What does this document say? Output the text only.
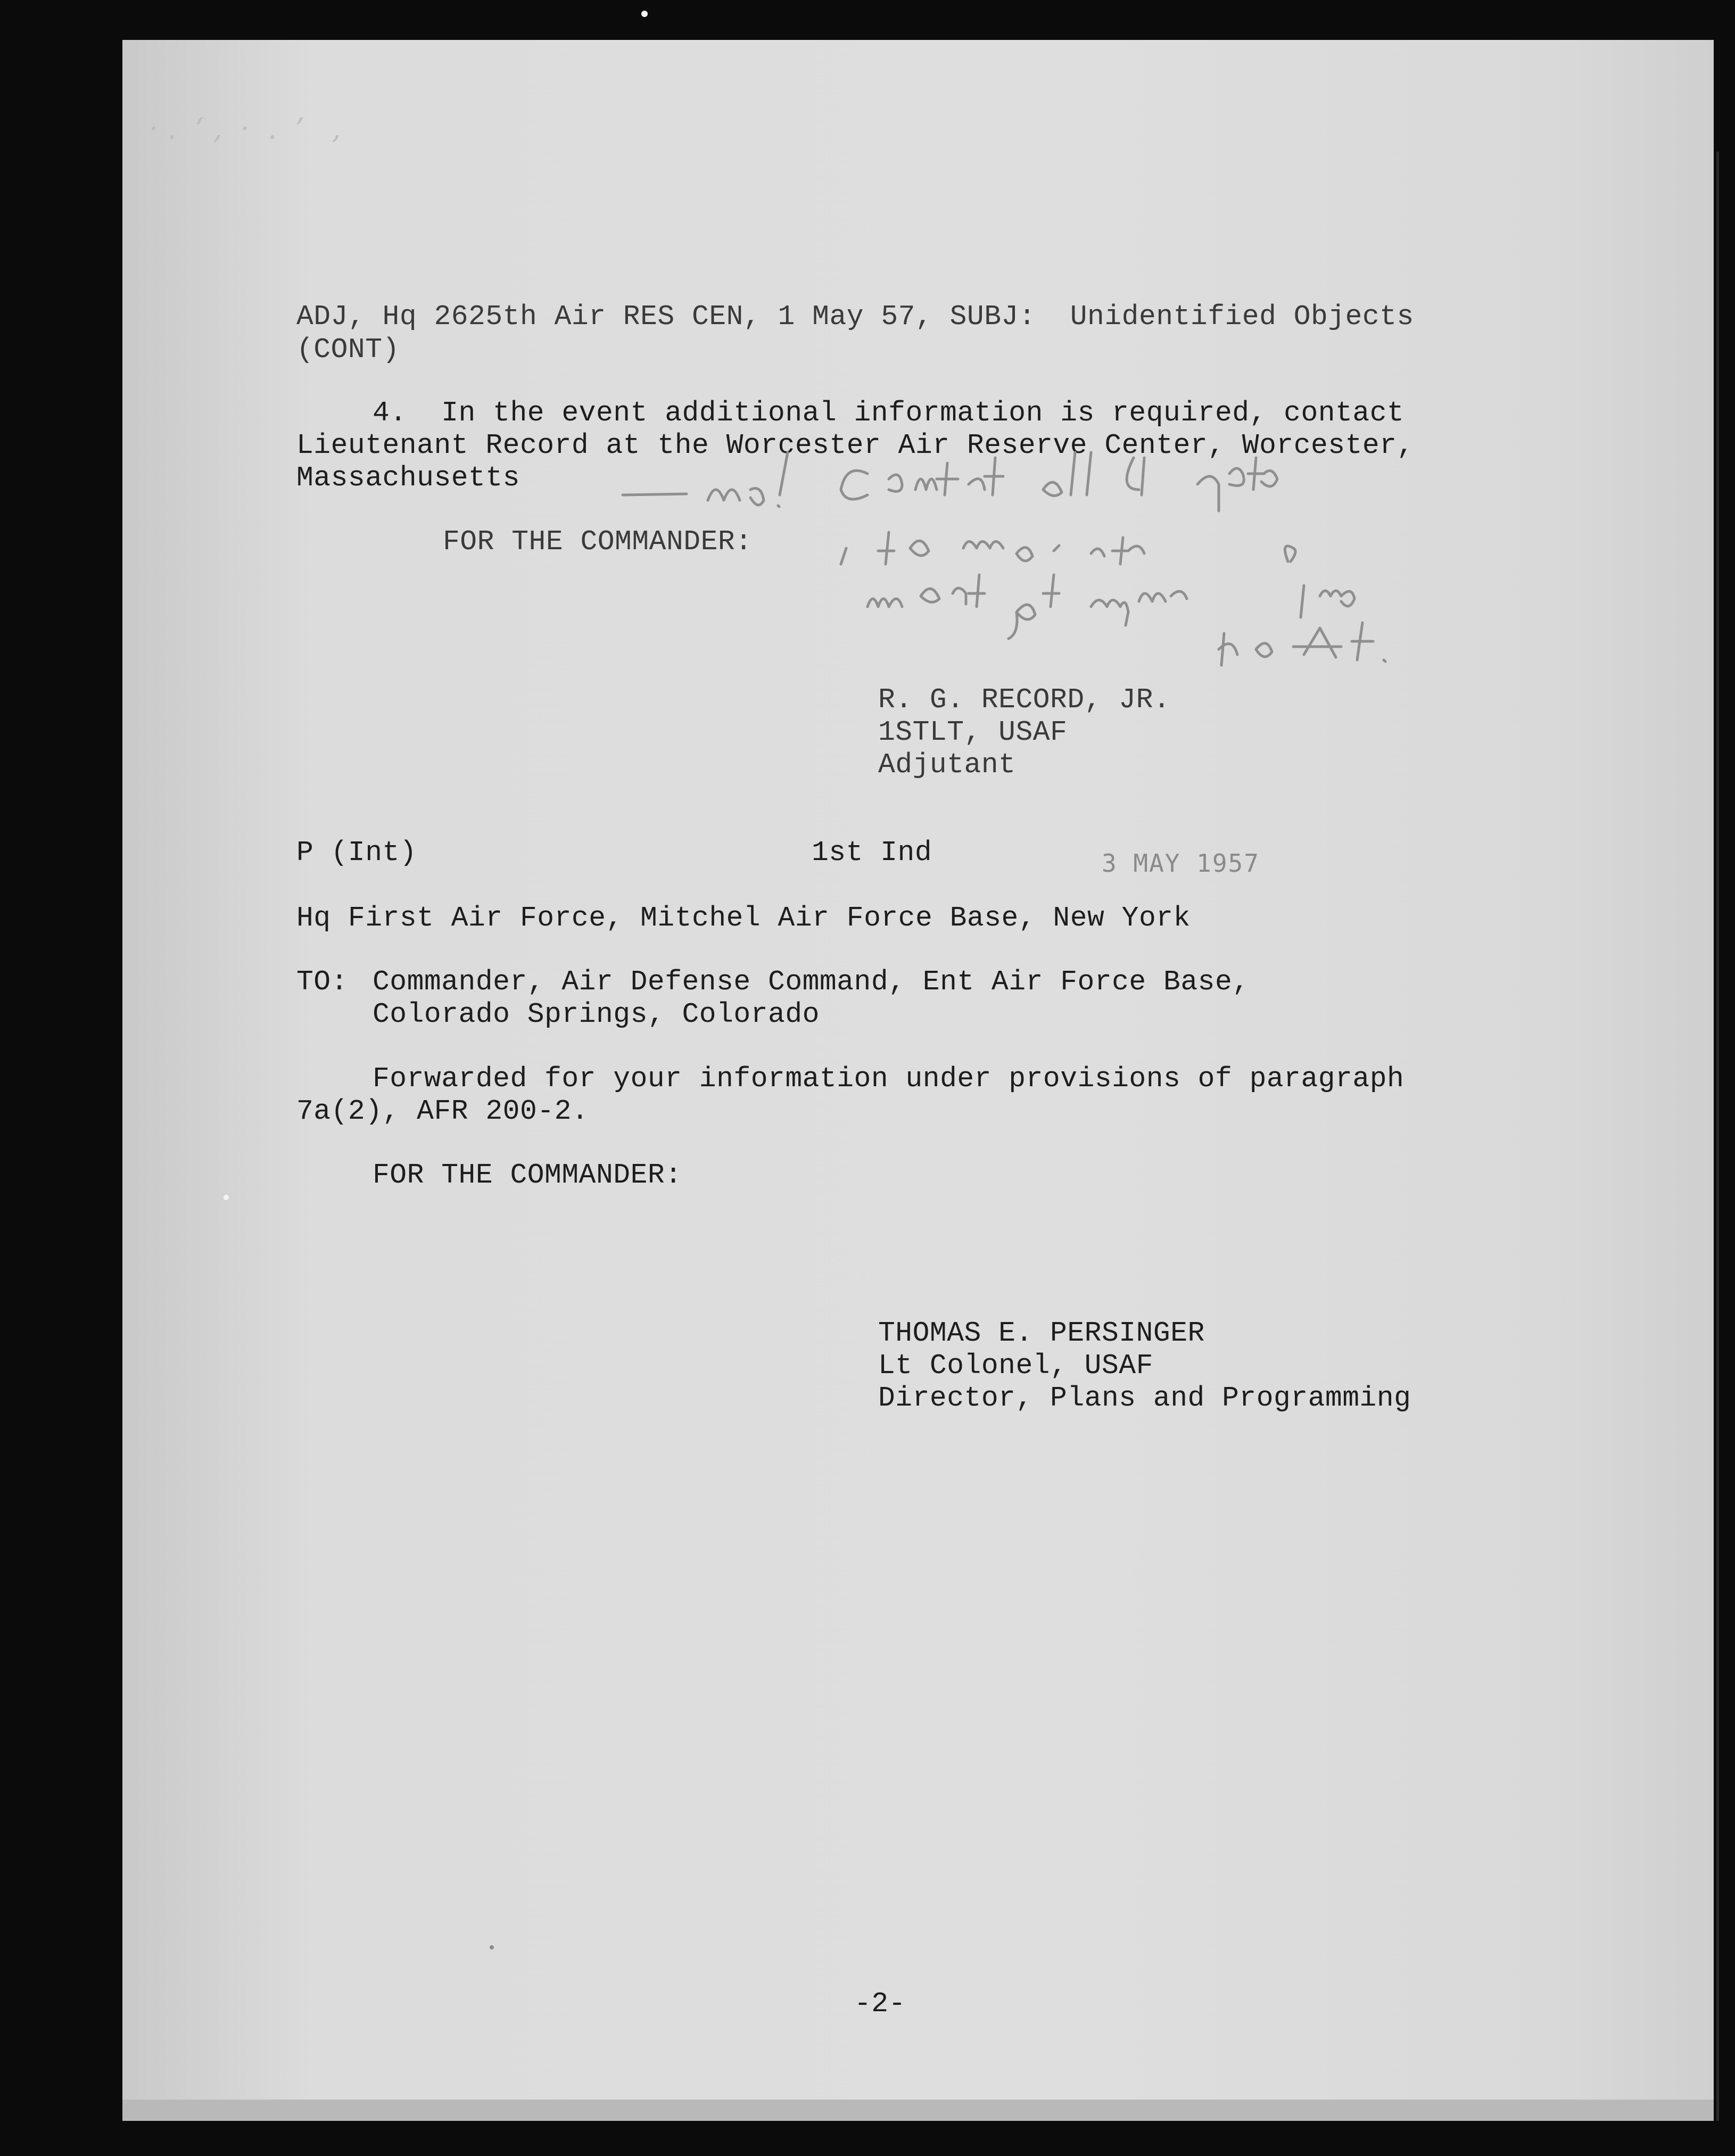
· .  ‘ ,  ·  .  ’   ,
ADJ, Hq 2625th Air RES CEN, 1 May 57, SUBJ:  Unidentified Objects
(CONT)
4.  In the event additional information is required, contact
Lieutenant Record at the Worcester Air Reserve Center, Worcester,
Massachusetts
FOR THE COMMANDER:
R. G. RECORD, JR.
1STLT, USAF
Adjutant
P (Int)	1st Ind	3 MAY 1957
Hq First Air Force, Mitchel Air Force Base, New York
TO: Commander, Air Defense Command, Ent Air Force Base,
Colorado Springs, Colorado
Forwarded for your information under provisions of paragraph
7a(2), AFR 200-2.
FOR THE COMMANDER:
THOMAS E. PERSINGER
Lt Colonel, USAF
Director, Plans and Programming
-2-
